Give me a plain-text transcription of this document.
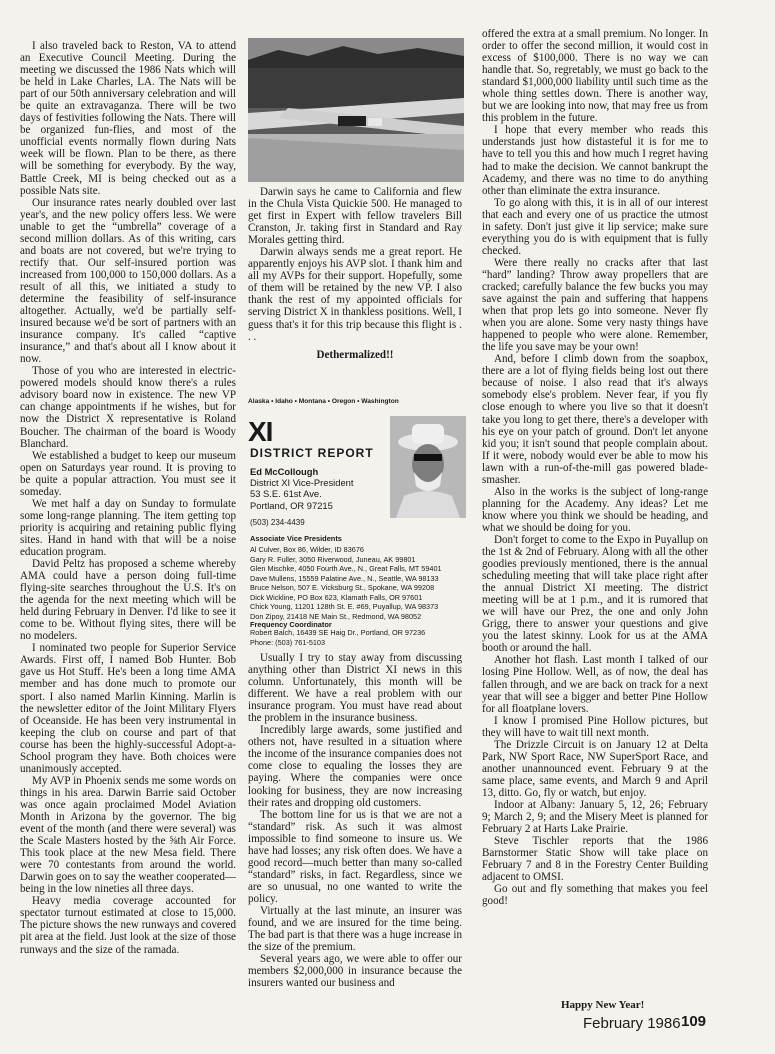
I also traveled back to Reston, VA to attend an Executive Council Meeting. During the meeting we discussed the 1986 Nats which will be held in Lake Charles, LA. The Nats will be part of our 50th anniversary celebration and will be quite an extravaganza. There will be two days of festivities following the Nats. There will be organized fun-flies, and most of the unofficial events normally flown during Nats week will be flown. Plan to be there, as there will be something for everybody. By the way, Battle Creek, MI is being checked out as a possible Nats site.

Our insurance rates nearly doubled over last year's, and the new policy offers less. We were unable to get the “umbrella” coverage of a second million dollars. As of this writing, cars and boats are not covered, but we're trying to rectify that. Our self-insured portion was increased from 100,000 to 150,000 dollars. As a result of all this, we initiated a study to determine the feasibility of self-insurance altogether. Actually, we'd be partially self-insured because we'd be sort of partners with an insurance company. It's called “captive insurance,” and that's about all I know about it now.

Those of you who are interested in electric-powered models should know there's a rules advisory board now in existence. The new VP can change appointments if he wishes, but for now the District X representative is Roland Boucher. The chairman of the board is Woody Blanchard.

We established a budget to keep our museum open on Saturdays year round. It is proving to be quite a popular attraction. You must see it someday.

We met half a day on Sunday to formulate some long-range planning. The item getting top priority is acquiring and retaining public flying sites. Hand in hand with that will be a noise education program.

David Peltz has proposed a scheme whereby AMA could have a person doing full-time flying-site searches throughout the U.S. It's on the agenda for the next meeting which will be held during February in Denver. I'd like to see it come to be. Without flying sites, there will be no modelers.

I nominated two people for Superior Service Awards. First off, I named Bob Hunter. Bob gave us Hot Stuff. He's been a long time AMA member and has done much to promote our sport. I also named Marlin Kinning. Marlin is the newsletter editor of the Joint Military Flyers of Oceanside. He has been very instrumental in keeping the club on course and part of that course has been the highly-successful Adopt-a-School program they have. Both choices were unanimously accepted.

My AVP in Phoenix sends me some words on things in his area. Darwin Barrie said October was once again proclaimed Model Aviation Month in Arizona by the governor. The big event of the month (and there were several) was the Scale Masters hosted by the ⅝th Air Force. This took place at the new Mesa field. There were 70 contestants from around the world. Darwin goes on to say the weather cooperated—being in the low nineties all three days.

Heavy media coverage accounted for spectator turnout estimated at close to 15,000. The picture shows the new runways and covered pit area at the field. Just look at the size of those runways and the size of the ramada.

Darwin says he came to California and flew in the Chula Vista Quickie 500. He managed to get first in Expert with fellow travelers Bill Cranston, Jr. taking first in Standard and Ray Morales getting third.

Darwin always sends me a great report. He apparently enjoys his AVP slot. I thank him and all my AVPs for their support. Hopefully, some of them will be retained by the new VP. I also thank the rest of my appointed officials for serving District X in thankless positions. Well, I guess that's it for this trip because this flight is . . .

Dethermalized!!

Alaska • Idaho • Montana • Oregon • Washington
XI
DISTRICT REPORT
Ed McCollough
District XI Vice-President
53 S.E. 61st Ave.
Portland, OR 97215
(503) 234-4439
Associate Vice Presidents
Al Culver, Box 86, Wilder, ID 83676
Gary R. Fuller, 3050 Riverwood, Juneau, AK 99801
Glen Mischke, 4050 Fourth Ave., N., Great Falls, MT 59401
Dave Mullens, 15559 Palatine Ave., N., Seattle, WA 98133
Bruce Nelson, 507 E. Vicksburg St., Spokane, WA 99208
Dick Wickline, PO Box 623, Klamath Falls, OR 97601
Chick Young, 11201 128th St. E. #69, Puyallup, WA 98373
Don Zipoy, 21418 NE Main St., Redmond, WA 98052
Frequency Coordinator
Robert Balch, 16439 SE Haig Dr., Portland, OR 97236
Phone: (503) 761-5103

Usually I try to stay away from discussing anything other than District XI news in this column. Unfortunately, this month will be different. We have a real problem with our insurance program. You must have read about the problem in the insurance business.

Incredibly large awards, some justified and others not, have resulted in a situation where the income of the insurance companies does not come close to equaling the losses they are paying. Where the companies were once looking for business, they are now increasing their rates and dropping old customers.

The bottom line for us is that we are not a “standard” risk. As such it was almost impossible to find someone to insure us. We have had losses; any risk often does. We have a good record—much better than many so-called “standard” risks, in fact. Regardless, since we are so unusual, no one wanted to write the policy.

Virtually at the last minute, an insurer was found, and we are insured for the time being. The bad part is that there was a huge increase in the size of the premium.

Several years ago, we were able to offer our members $2,000,000 in insurance because the insurers wanted our business and

offered the extra at a small premium. No longer. In order to offer the second million, it would cost in excess of $100,000. There is no way we can handle that. So, regretably, we must go back to the standard $1,000,000 liability until such time as the whole thing settles down. There is another way, but we are looking into now, that may free us from this problem in the future.

I hope that every member who reads this understands just how distasteful it is for me to have to tell you this and how much I regret having had to make the decision. We cannot bankrupt the Academy, and there was no time to do anything other than eliminate the extra insurance.

To go along with this, it is in all of our interest that each and every one of us practice the utmost in safety. Don't just give it lip service; make sure everything you do is with equipment that is fully checked.

Were there really no cracks after that last “hard” landing? Throw away propellers that are cracked; carefully balance the few bucks you may save against the pain and suffering that happens when that prop lets go into someone. Never fly when you are alone. Some very nasty things have happened to people who were alone. Remember, the life you save may be your own!

And, before I climb down from the soapbox, there are a lot of flying fields being lost out there because of noise. I also read that it's always somebody else's problem. Never fear, if you fly close enough to where you live so that it doesn't take you long to get there, there's a developer with his eye on your patch of ground. Don't let anyone kid you; it isn't sound that people complain about. If it were, nobody would ever be able to mow his lawn with a run-of-the-mill gas powered blade-smasher.

Also in the works is the subject of long-range planning for the Academy. Any ideas? Let me know where you think we should be heading, and what we should be doing for you.

Don't forget to come to the Expo in Puyallup on the 1st & 2nd of February. Along with all the other goodies previously mentioned, there is the annual scheduling meeting that will take place right after the annual District XI meeting. The district meeting will be at 1 p.m., and it is rumored that we will have our Prez, the one and only John Grigg, there to answer your questions and give you the latest skinny. Look for us at the AMA booth or around the hall.

Another hot flash. Last month I talked of our losing Pine Hollow. Well, as of now, the deal has fallen through, and we are back on track for a next year that will see a bigger and better Pine Hollow for all floatplane lovers.

I know I promised Pine Hollow pictures, but they will have to wait till next month.

The Drizzle Circuit is on January 12 at Delta Park, NW Sport Race, NW SuperSport Race, and another unannounced event. February 9 at the same place, same events, and March 9 and April 13, ditto. Go, fly or watch, but enjoy.

Indoor at Albany: January 5, 12, 26; February 9; March 2, 9; and the Misery Meet is planned for February 2 at Harts Lake Prairie.

Steve Tischler reports that the 1986 Barnstormer Static Show will take place on February 7 and 8 in the Forestry Center Building adjacent to OMSI.

Go out and fly something that makes you feel good!

Happy New Year!
February 1986 109
